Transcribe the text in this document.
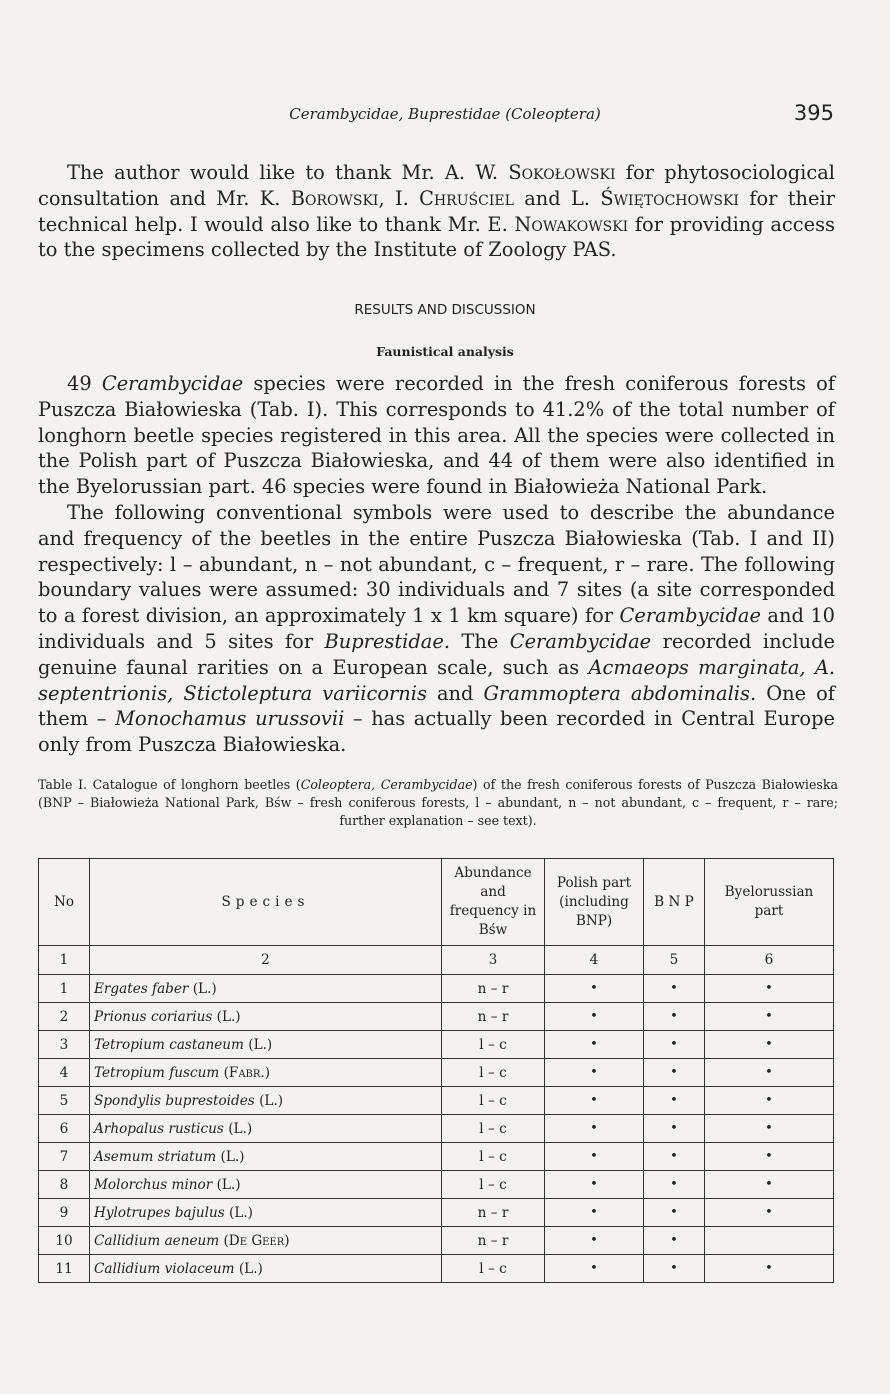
Cerambycidae, Buprestidae (Coleoptera)	395

The author would like to thank Mr. A. W. Sokołowski for phytosociological consultation and Mr. K. Borowski, I. Chruściel and L. Świętochowski for their technical help. I would also like to thank Mr. E. Nowakowski for providing access to the specimens collected by the Institute of Zoology PAS.

RESULTS AND DISCUSSION
Faunistical analysis

49 Cerambycidae species were recorded in the fresh coniferous forests of Puszcza Białowieska (Tab. I). This corresponds to 41.2% of the total number of longhorn beetle species registered in this area. All the species were collected in the Polish part of Puszcza Białowieska, and 44 of them were also identified in the Byelorussian part. 46 species were found in Białowieża National Park.

The following conventional symbols were used to describe the abundance and frequency of the beetles in the entire Puszcza Białowieska (Tab. I and II) respectively: l – abundant, n – not abundant, c – frequent, r – rare. The following boundary values were assumed: 30 individuals and 7 sites (a site corresponded to a forest division, an approximately 1 x 1 km square) for Cerambycidae and 10 individuals and 5 sites for Buprestidae. The Cerambycidae recorded include genuine faunal rarities on a European scale, such as Acmaeops marginata, A. septentrionis, Stictoleptura variicornis and Grammoptera abdominalis. One of them – Monochamus urussovii – has actually been recorded in Central Europe only from Puszcza Białowieska.

Table I. Catalogue of longhorn beetles (Coleoptera, Cerambycidae) of the fresh coniferous forests of Puszcza Białowieska (BNP – Białowieża National Park, Bśw – fresh coniferous forests, l – abundant, n – not abundant, c – frequent, r – rare; further explanation – see text).
No	Species	Abundance and frequency in Bśw	Polish part (including BNP)	B N P	Byelorussian part
1	2	3	4	5	6
1	Ergates faber (L.)	n – r	•	•	•
2	Prionus coriarius (L.)	n – r	•	•	•
3	Tetropium castaneum (L.)	l – c	•	•	•
4	Tetropium fuscum (Fabr.)	l – c	•	•	•
5	Spondylis buprestoides (L.)	l – c	•	•	•
6	Arhopalus rusticus (L.)	l – c	•	•	•
7	Asemum striatum (L.)	l – c	•	•	•
8	Molorchus minor (L.)	l – c	•	•	•
9	Hylotrupes bajulus (L.)	n – r	•	•	•
10	Callidium aeneum (De Geer)	n – r	•	•	
11	Callidium violaceum (L.)	l – c	•	•	•
